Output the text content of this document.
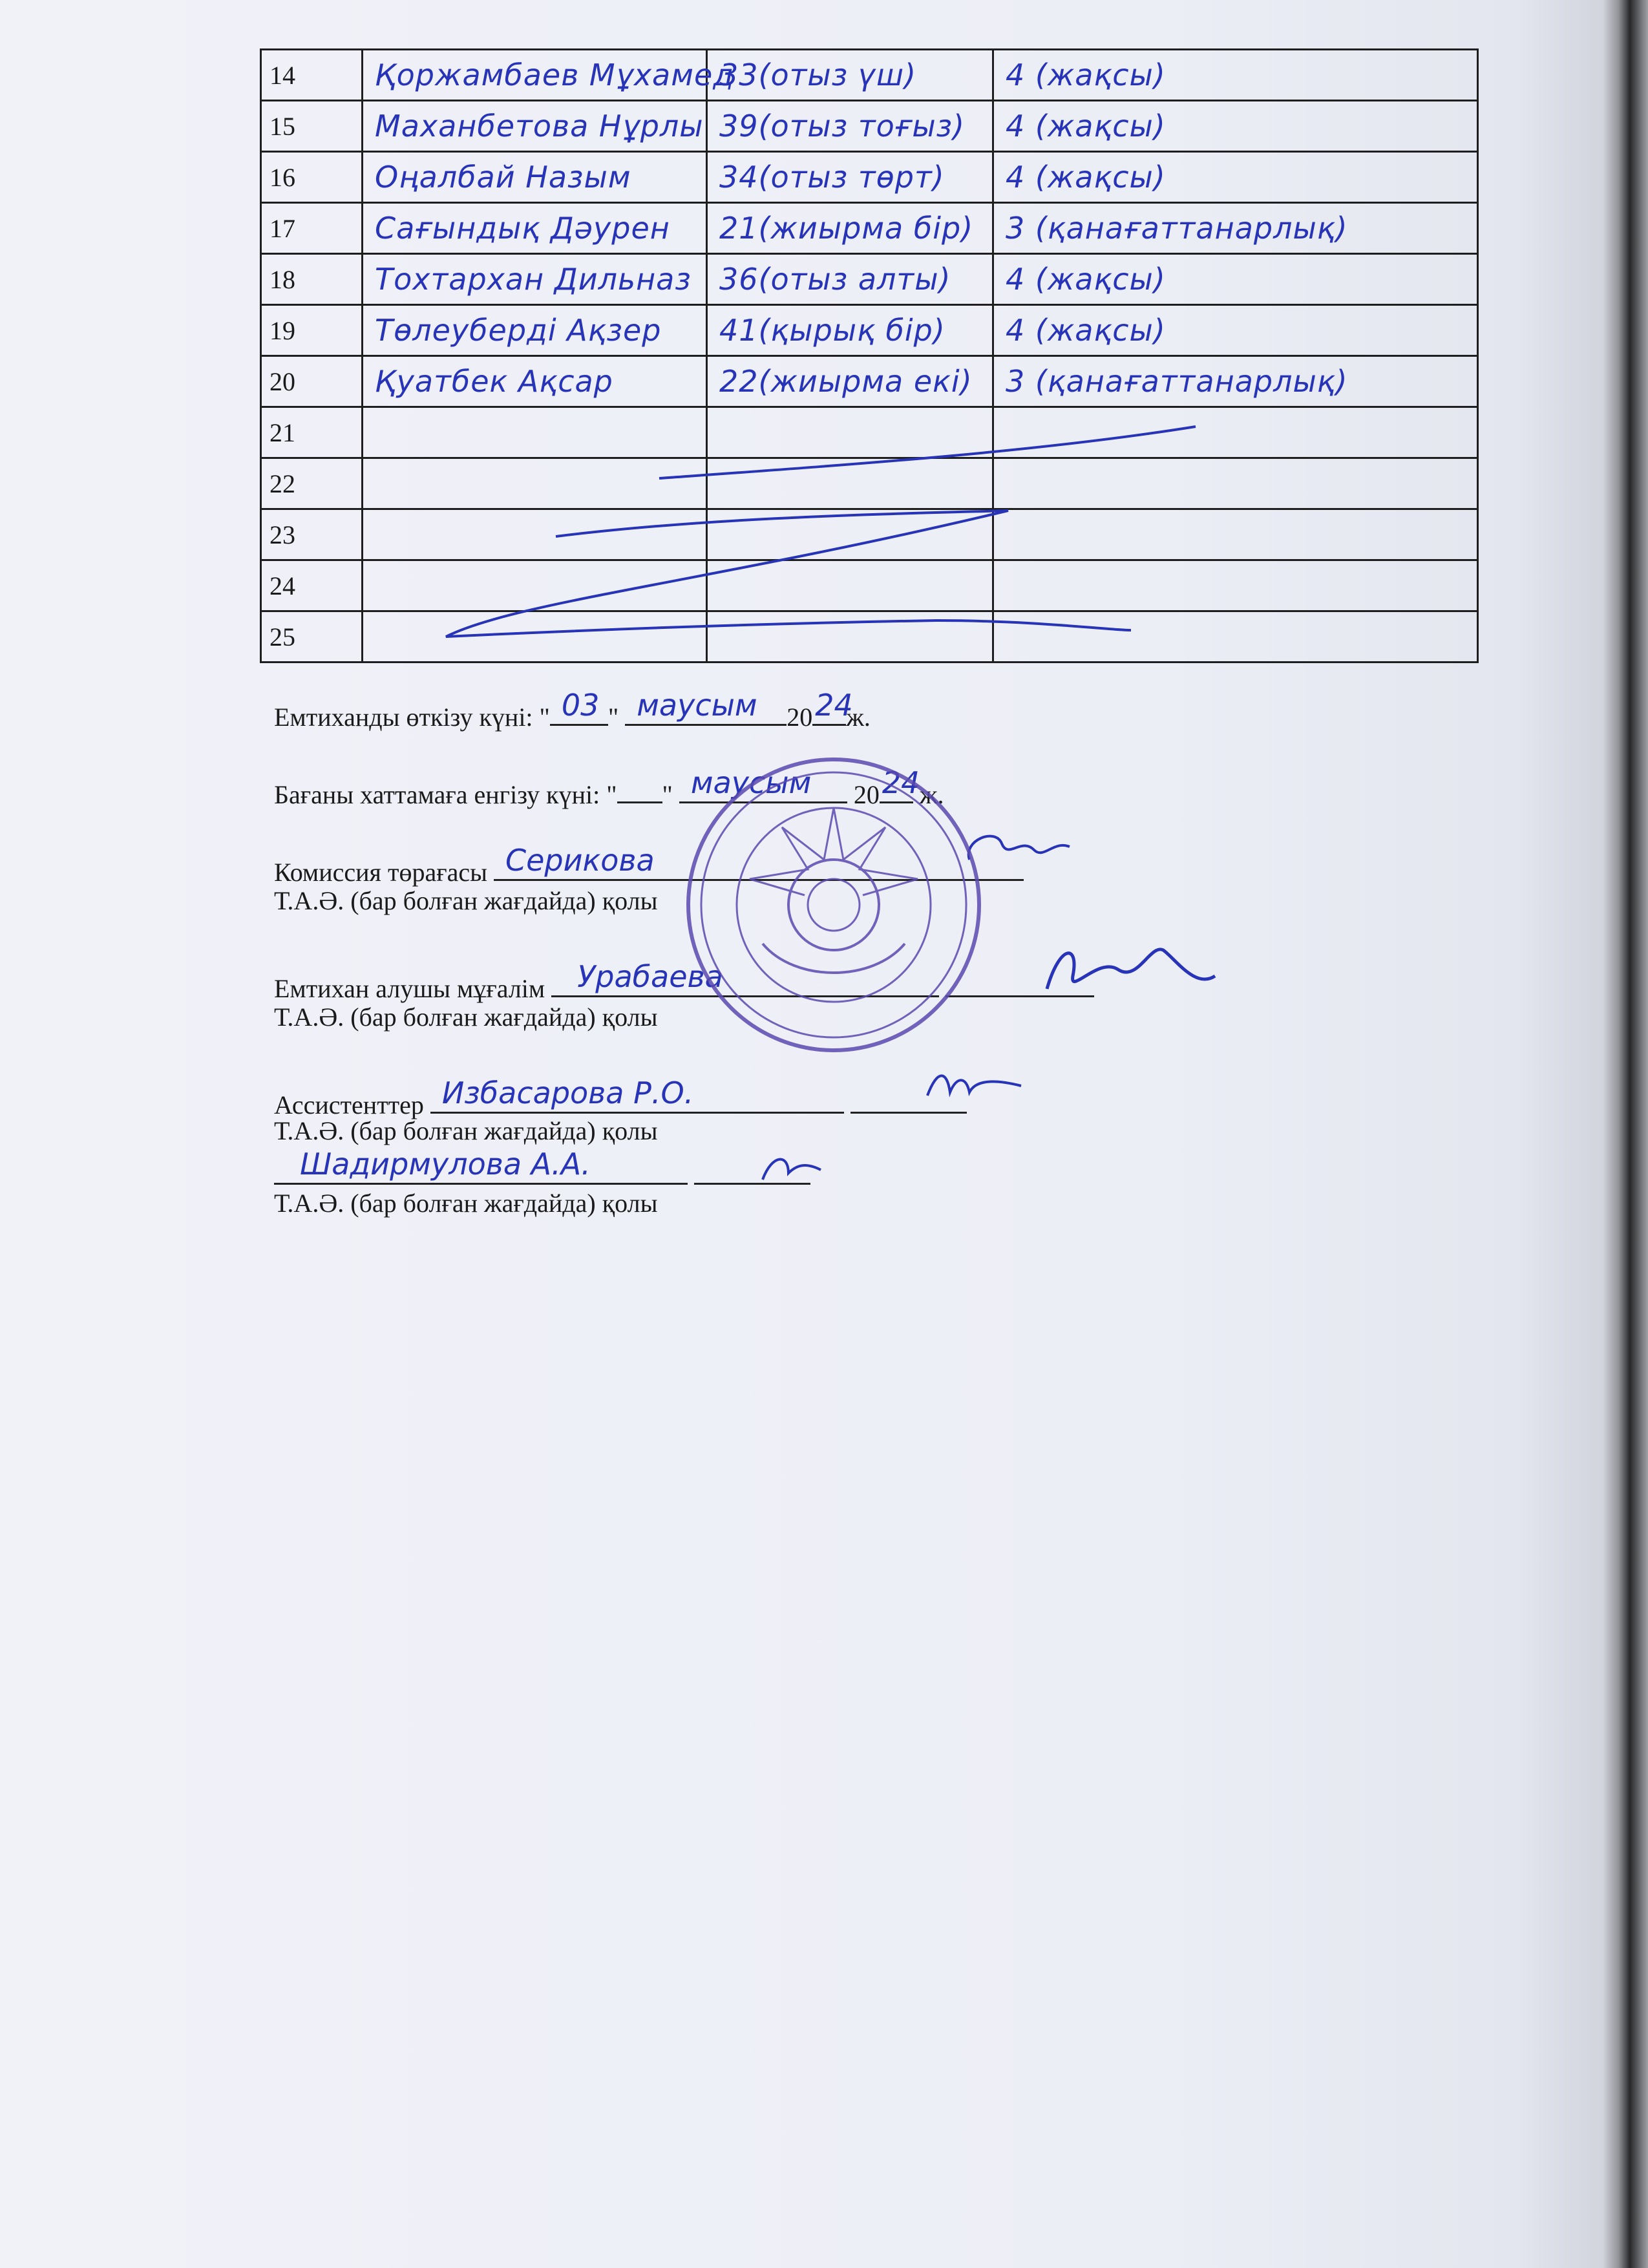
14	Қоржамбаев Мұхамед	33(отыз үш)	4 (жақсы)

15	Маханбетова Нұрлы	39(отыз тоғыз)	4 (жақсы)

16	Оңалбай Назым	34(отыз төрт)	4 (жақсы)

17	Сағындық Дәурен	21(жиырма бір)	3 (қанағаттанарлық)

18	Тохтархан Дильназ	36(отыз алты)	4 (жақсы)

19	Төлеубердi Ақзер	41(қырық бір)	4 (жақсы)

20	Қуатбек Ақсар	22(жиырма екі)	3 (қанағаттанарлық)

21	

22	

23	

24	

25	

Емтиханды өткізу күні: " 03 " маусым 20 24
ж.
Бағаны хаттамаға енгізу күні: " " маусым 20 24 ж.
Комиссия төрағасы Серикова
Т.А.Ә. (бар болған жағдайда) қолы
Емтихан алушы мұғалім Урабаева

Т.А.Ә. (бар болған жағдайда) қолы
Ассистенттер Избасарова Р.О.

Т.А.Ә. (бар болған жағдайда) қолы
Шадирмулова А.А.

Т.А.Ә. (бар болған жағдайда) қолы
